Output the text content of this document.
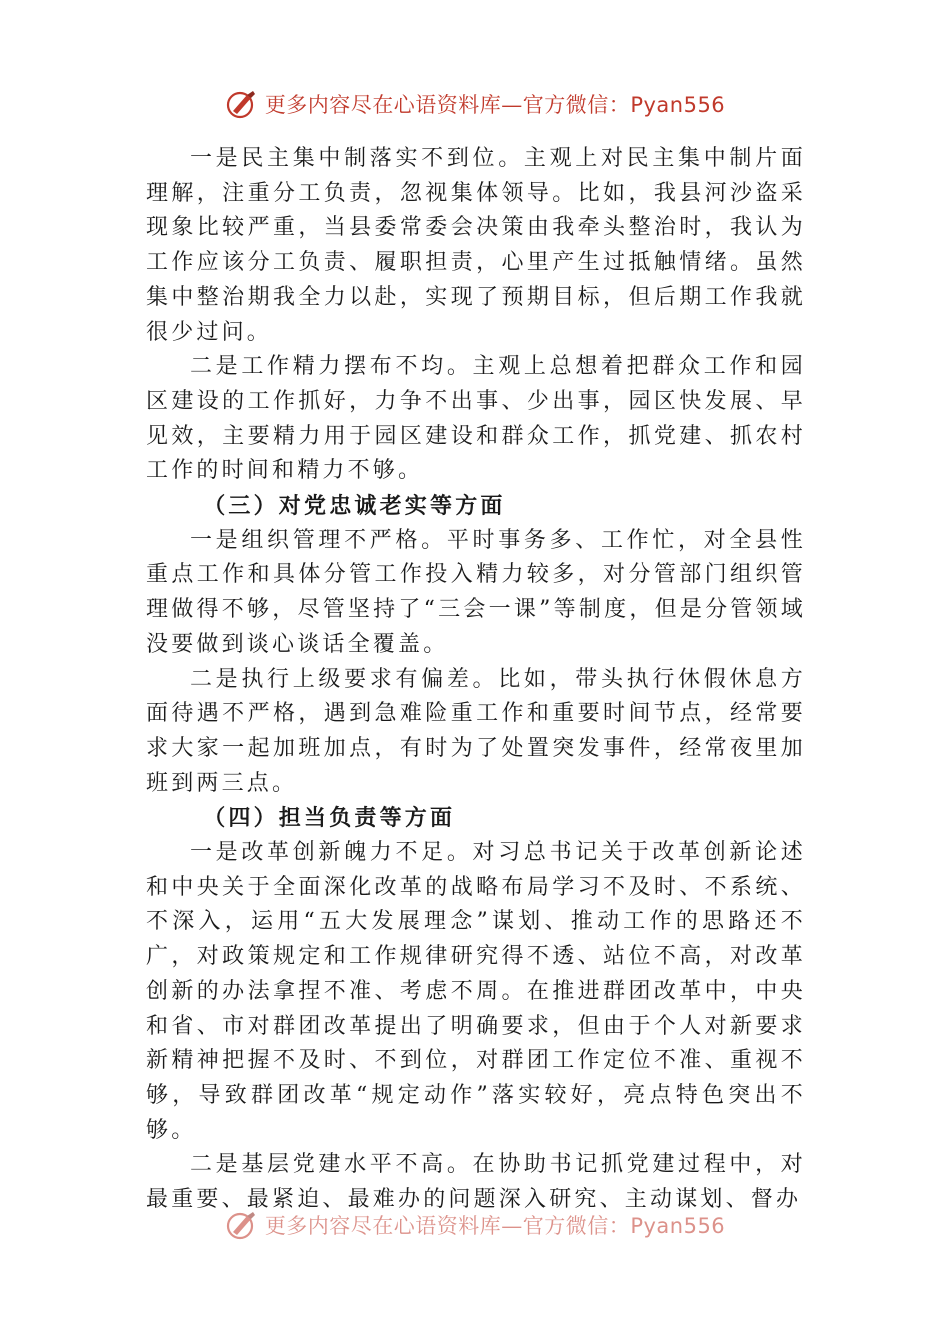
更多内容尽在心语资料库—官方微信：Pyan556

一是民主集中制落实不到位。主观上对民主集中制片面理解，注重分工负责，忽视集体领导。比如，我县河沙盗采现象比较严重，当县委常委会决策由我牵头整治时，我认为工作应该分工负责、履职担责，心里产生过抵触情绪。虽然集中整治期我全力以赴，实现了预期目标，但后期工作我就很少过问。

二是工作精力摆布不均。主观上总想着把群众工作和园区建设的工作抓好，力争不出事、少出事，园区快发展、早见效，主要精力用于园区建设和群众工作，抓党建、抓农村工作的时间和精力不够。

（三）对党忠诚老实等方面

一是组织管理不严格。平时事务多、工作忙，对全县性重点工作和具体分管工作投入精力较多，对分管部门组织管理做得不够，尽管坚持了“三会一课”等制度，但是分管领域没要做到谈心谈话全覆盖。

二是执行上级要求有偏差。比如，带头执行休假休息方面待遇不严格，遇到急难险重工作和重要时间节点，经常要求大家一起加班加点，有时为了处置突发事件，经常夜里加班到两三点。

（四）担当负责等方面

一是改革创新魄力不足。对习总书记关于改革创新论述和中央关于全面深化改革的战略布局学习不及时、不系统、不深入，运用“五大发展理念”谋划、推动工作的思路还不广，对政策规定和工作规律研究得不透、站位不高，对改革创新的办法拿捏不准、考虑不周。在推进群团改革中，中央和省、市对群团改革提出了明确要求，但由于个人对新要求新精神把握不及时、不到位，对群团工作定位不准、重视不够，导致群团改革“规定动作”落实较好，亮点特色突出不够。

二是基层党建水平不高。在协助书记抓党建过程中，对最重要、最紧迫、最难办的问题深入研究、主动谋划、督办

更多内容尽在心语资料库—官方微信：Pyan556
